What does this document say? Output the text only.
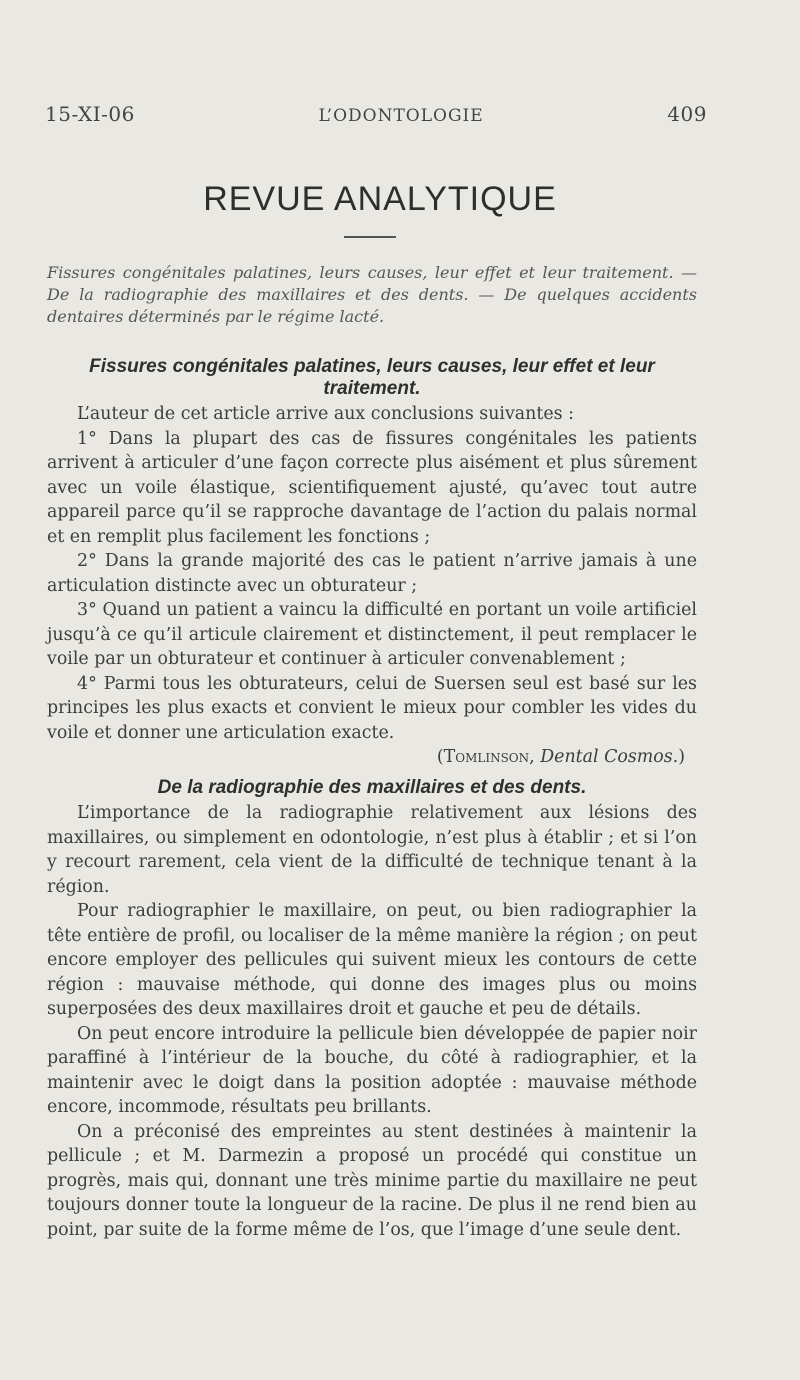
15-XI-06	L’ODONTOLOGIE	409
REVUE ANALYTIQUE
Fissures congénitales palatines, leurs causes, leur effet et leur traitement. — De la radiographie des maxillaires et des dents. — De quelques accidents dentaires déterminés par le régime lacté.
Fissures congénitales palatines, leurs causes, leur effet et leur traitement.

L’auteur de cet article arrive aux conclusions suivantes :

1° Dans la plupart des cas de fissures congénitales les patients arrivent à articuler d’une façon correcte plus aisément et plus sûrement avec un voile élastique, scientifiquement ajusté, qu’avec tout autre appareil parce qu’il se rapproche davantage de l’action du palais normal et en remplit plus facilement les fonctions ;

2° Dans la grande majorité des cas le patient n’arrive jamais à une articulation distincte avec un obturateur ;

3° Quand un patient a vaincu la difficulté en portant un voile artificiel jusqu’à ce qu’il articule clairement et distinctement, il peut remplacer le voile par un obturateur et continuer à articuler convenablement ;

4° Parmi tous les obturateurs, celui de Suersen seul est basé sur les principes les plus exacts et convient le mieux pour combler les vides du voile et donner une articulation exacte.

(Tomlinson, Dental Cosmos.)
De la radiographie des maxillaires et des dents.

L’importance de la radiographie relativement aux lésions des maxillaires, ou simplement en odontologie, n’est plus à établir ; et si l’on y recourt rarement, cela vient de la difficulté de technique tenant à la région.

Pour radiographier le maxillaire, on peut, ou bien radiographier la tête entière de profil, ou localiser de la même manière la région ; on peut encore employer des pellicules qui suivent mieux les contours de cette région : mauvaise méthode, qui donne des images plus ou moins superposées des deux maxillaires droit et gauche et peu de détails.

On peut encore introduire la pellicule bien développée de papier noir paraffiné à l’intérieur de la bouche, du côté à radiographier, et la maintenir avec le doigt dans la position adoptée : mauvaise méthode encore, incommode, résultats peu brillants.

On a préconisé des empreintes au stent destinées à maintenir la pellicule ; et M. Darmezin a proposé un procédé qui constitue un progrès, mais qui, donnant une très minime partie du maxillaire ne peut toujours donner toute la longueur de la racine. De plus il ne rend bien au point, par suite de la forme même de l’os, que l’image d’une seule dent.
